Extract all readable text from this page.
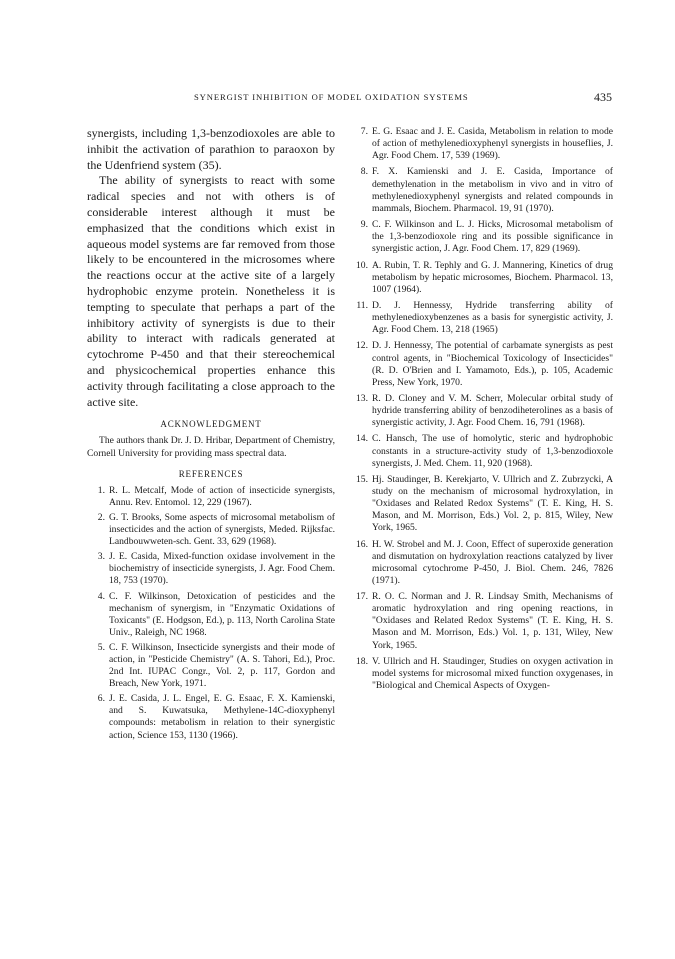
SYNERGIST INHIBITION OF MODEL OXIDATION SYSTEMS	435

synergists, including 1,3-benzodioxoles are able to inhibit the activation of parathion to paraoxon by the Udenfriend system (35).

The ability of synergists to react with some radical species and not with others is of considerable interest although it must be emphasized that the conditions which exist in aqueous model systems are far removed from those likely to be encountered in the microsomes where the reactions occur at the active site of a largely hydrophobic enzyme protein. Nonetheless it is tempting to speculate that perhaps a part of the inhibitory activity of synergists is due to their ability to interact with radicals generated at cytochrome P-450 and that their stereochemical and physicochemical properties enhance this activity through facilitating a close approach to the active site.

ACKNOWLEDGMENT

The authors thank Dr. J. D. Hribar, Department of Chemistry, Cornell University for providing mass spectral data.

REFERENCES
1. R. L. Metcalf, Mode of action of insecticide synergists, Annu. Rev. Entomol. 12, 229 (1967).
2. G. T. Brooks, Some aspects of microsomal metabolism of insecticides and the action of synergists, Meded. Rijksfac. Landbouwweten-sch. Gent. 33, 629 (1968).
3. J. E. Casida, Mixed-function oxidase involvement in the biochemistry of insecticide synergists, J. Agr. Food Chem. 18, 753 (1970).
4. C. F. Wilkinson, Detoxication of pesticides and the mechanism of synergism, in "Enzymatic Oxidations of Toxicants" (E. Hodgson, Ed.), p. 113, North Carolina State Univ., Raleigh, NC 1968.
5. C. F. Wilkinson, Insecticide synergists and their mode of action, in "Pesticide Chemistry" (A. S. Tahori, Ed.), Proc. 2nd Int. IUPAC Congr., Vol. 2, p. 117, Gordon and Breach, New York, 1971.
6. J. E. Casida, J. L. Engel, E. G. Esaac, F. X. Kamienski, and S. Kuwatsuka, Methylene-14C-dioxyphenyl compounds: metabolism in relation to their synergistic action, Science 153, 1130 (1966).
7. E. G. Esaac and J. E. Casida, Metabolism in relation to mode of action of methylenedioxyphenyl synergists in houseflies, J. Agr. Food Chem. 17, 539 (1969).
8. F. X. Kamienski and J. E. Casida, Importance of demethylenation in the metabolism in vivo and in vitro of methylenedioxyphenyl synergists and related compounds in mammals, Biochem. Pharmacol. 19, 91 (1970).
9. C. F. Wilkinson and L. J. Hicks, Microsomal metabolism of the 1,3-benzodioxole ring and its possible significance in synergistic action, J. Agr. Food Chem. 17, 829 (1969).
10. A. Rubin, T. R. Tephly and G. J. Mannering, Kinetics of drug metabolism by hepatic microsomes, Biochem. Pharmacol. 13, 1007 (1964).
11. D. J. Hennessy, Hydride transferring ability of methylenedioxybenzenes as a basis for synergistic activity, J. Agr. Food Chem. 13, 218 (1965)
12. D. J. Hennessy, The potential of carbamate synergists as pest control agents, in "Biochemical Toxicology of Insecticides" (R. D. O'Brien and I. Yamamoto, Eds.), p. 105, Academic Press, New York, 1970.
13. R. D. Cloney and V. M. Scherr, Molecular orbital study of hydride transferring ability of benzodiheterolines as a basis of synergistic activity, J. Agr. Food Chem. 16, 791 (1968).
14. C. Hansch, The use of homolytic, steric and hydrophobic constants in a structure-activity study of 1,3-benzodioxole synergists, J. Med. Chem. 11, 920 (1968).
15. Hj. Staudinger, B. Kerekjarto, V. Ullrich and Z. Zubrzycki, A study on the mechanism of microsomal hydroxylation, in "Oxidases and Related Redox Systems" (T. E. King, H. S. Mason, and M. Morrison, Eds.) Vol. 2, p. 815, Wiley, New York, 1965.
16. H. W. Strobel and M. J. Coon, Effect of superoxide generation and dismutation on hydroxylation reactions catalyzed by liver microsomal cytochrome P-450, J. Biol. Chem. 246, 7826 (1971).
17. R. O. C. Norman and J. R. Lindsay Smith, Mechanisms of aromatic hydroxylation and ring opening reactions, in "Oxidases and Related Redox Systems" (T. E. King, H. S. Mason and M. Morrison, Eds.) Vol. 1, p. 131, Wiley, New York, 1965.
18. V. Ullrich and H. Staudinger, Studies on oxygen activation in model systems for microsomal mixed function oxygenases, in "Biological and Chemical Aspects of Oxygen-
